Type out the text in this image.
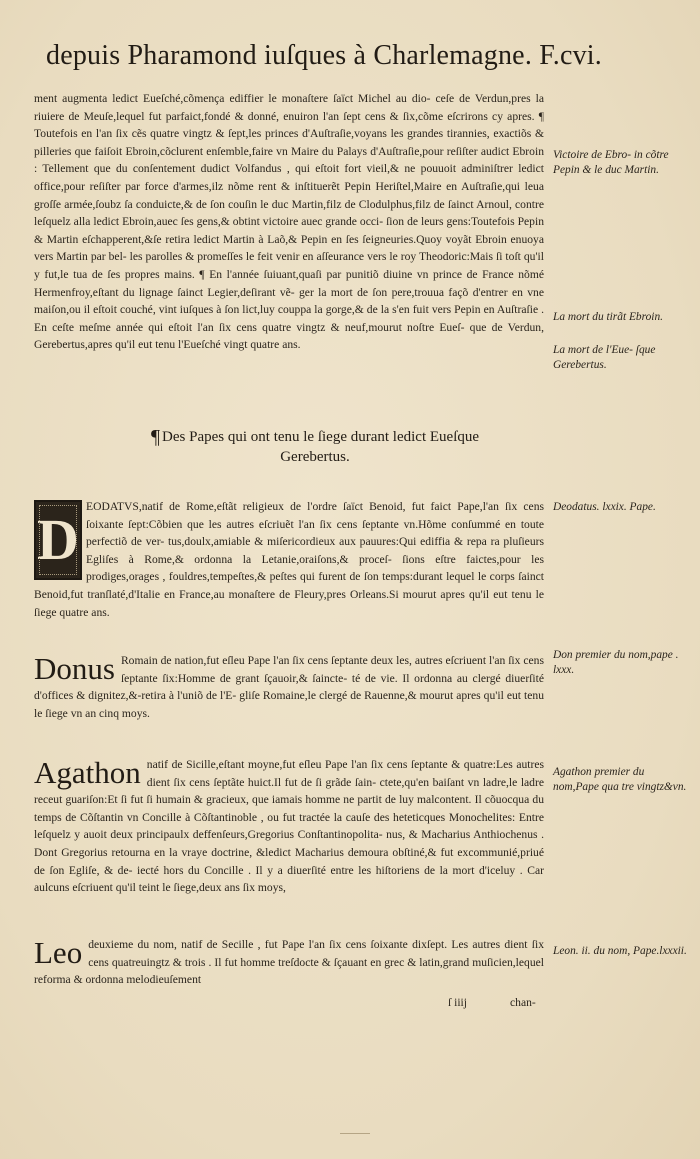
depuis Pharamond iuſques à Charlemagne. F.cvi.

ment augmenta ledict Eueſché,cõmença ediffier le monaſtere ſaïct Michel au dio- ceſe de Verdun,pres la riuiere de Meuſe,lequel fut parfaict,fondé & donné, enuiron l'an ſept cens & ſix,cõme eſcrirons cy apres. ¶ Toutefois en l'an ſix cẽs quatre vingtz & ſept,les princes d'Auſtraſie,voyans les grandes tirannies, exactiõs & pilleries que faiſoit Ebroin,cõclurent enſemble,faire vn Maire du Palays d'Auſtraſie,pour reſiſter audict Ebroin : Tellement que du conſentement dudict Volfandus , qui eſtoit fort vieil,& ne pouuoit adminiſtrer ledict office,pour reſiſter par force d'armes,ilz nõme rent & inſtituerẽt Pepin Heriſtel,Maire en Auſtraſie,qui leua groſſe armée,ſoubz ſa conduicte,& de ſon couſin le duc Martin,filz de Clodulphus,filz de ſainct Arnoul, contre leſquelz alla ledict Ebroin,auec ſes gens,& obtint victoire auec grande occi- ſion de leurs gens:Toutefois Pepin & Martin eſchapperent,&ſe retira ledict Martin à Laõ,& Pepin en ſes ſeigneuries.Quoy voyãt Ebroin enuoya vers Martin par bel- les parolles & promeſſes le feit venir en aſſeurance vers le roy Theodoric:Mais ſi toſt qu'il y fut,le tua de ſes propres mains. ¶ En l'année ſuiuant,quaſi par punitiõ diuine vn prince de France nõmé Hermenfroy,eſtant du lignage ſainct Legier,deſirant vẽ- ger la mort de ſon pere,trouua façõ d'entrer en vne maiſon,ou il eſtoit couché, vint iuſques à ſon lict,luy couppa la gorge,& de la s'en fuit vers Pepin en Auſtraſie . En ceſte meſme année qui eſtoit l'an ſix cens quatre vingtz & neuf,mourut noſtre Eueſ- que de Verdun, Gerebertus,apres qu'il eut tenu l'Eueſché vingt quatre ans.

¶ Des Papes qui ont tenu le ſiege durant ledict Eueſque Gerebertus.
D

EODATVS,natif de Rome,eſtãt religieux de l'ordre ſaïct Benoid, fut faict Pape,l'an ſix cens ſoixante ſept:Cõbien que les autres eſcriuẽt l'an ſix cens ſeptante vn.Hõme conſummé en toute perfectiõ de ver- tus,doulx,amiable & miſericordieux aux pauures:Qui ediffia & repa ra pluſieurs Egliſes à Rome,& ordonna la Letanie,oraiſons,& proceſ- ſions eſtre faictes,pour les prodiges,orages , fouldres,tempeſtes,& peſtes qui furent de ſon temps:durant lequel le corps ſainct Benoid,fut tranſlaté,d'Italie en France,au monaſtere de Fleury,pres Orleans.Si mourut apres qu'il eut tenu le ſiege quatre ans.

Donus Romain de nation,fut eſleu Pape l'an ſix cens ſeptante deux les, autres eſcriuent l'an ſix cens ſeptante ſix:Homme de grant ſçauoir,& ſaincte- té de vie. Il ordonna au clergé diuerſité d'offices & dignitez,&-retira à l'uniõ de l'E- gliſe Romaine,le clergé de Rauenne,& mourut apres qu'il eut tenu le ſiege vn an cinq moys.

Agathon natif de Sicille,eſtant moyne,fut eſleu Pape l'an ſix cens ſeptante & quatre:Les autres dient ſix cens ſeptãte huict.Il fut de ſi grãde ſain- ctete,qu'en baiſant vn ladre,le ladre receut guariſon:Et ſi fut ſi humain & gracieux, que iamais homme ne partit de luy malcontent. Il cõuocqua du temps de Cõſtantin vn Concille à Cõſtantinoble , ou fut tractée la cauſe des heteticques Monochelites: Entre leſquelz y auoit deux principaulx deffenſeurs,Gregorius Conſtantinopolita- nus, & Macharius Anthiochenus . Dont Gregorius retourna en la vraye doctrine, &ledict Macharius demoura obſtiné,& fut excommunié,priué de ſon Egliſe, & de- iecté hors du Concille . Il y a diuerſité entre les hiſtoriens de la mort d'iceluy . Car aulcuns eſcriuent qu'il teint le ſiege,deux ans ſix moys,

Leo deuxieme du nom, natif de Secille , fut Pape l'an ſix cens ſoixante dixſept. Les autres dient ſix cens quatreuingtz & trois . Il fut homme treſdocte & ſçauant en grec & latin,grand muſicien,lequel reforma & ordonna melodieuſement

Victoire de Ebro- in cõtre Pepin & le duc Martin.
La mort du tirãt Ebroin.
La mort de l'Eue- ſque Gerebertus.
Deodatus. lxxix. Pape.
Don premier du nom,pape . lxxx.
Agathon premier du nom,Pape qua tre vingtz&vn.
Leon. ii. du nom, Pape.lxxxii.
ſ iiij	chan-
